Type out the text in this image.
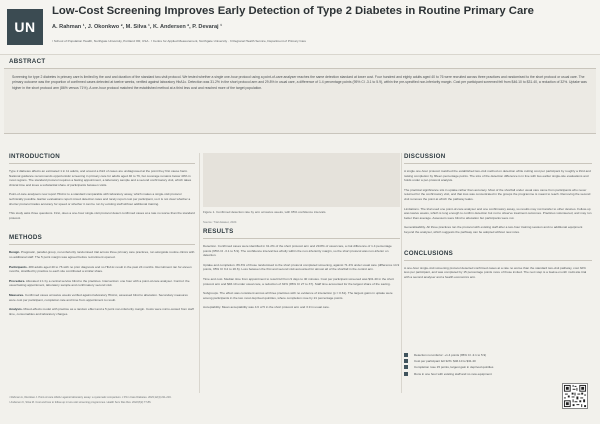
UN
Low-Cost Screening Improves Early Detection of Type 2 Diabetes in Routine Primary Care
A. Rahman ¹, J. Okonkwo ², M. Silva ¹, K. Andersen ², P. Devaraj ¹
¹ School of Population Health, Northgate University, Portland OR, USA · ² Centre for Applied Measurement, Northgate University · 3 Regional Health Service, Department of Primary Care
ABSTRACT
Screening for type 2 diabetes in primary care is limited by the cost and duration of the standard two-visit protocol. We tested whether a single one-hour protocol using a point-of-care analyser reaches the same detection standard at lower cost. Four hundred and eighty adults aged 40 to 76 were recruited across three practices and randomised to the short protocol or usual care. The primary outcome was the proportion of confirmed cases detected at twelve weeks, verified against laboratory HbA1c. Detection was 31.2% in the short protocol arm and 29.8% in usual care, a difference of 1.4 percentage points (95% CI -3.1 to 5.9), within the pre-specified non-inferiority margin. Cost per participant screened fell from $46.10 to $31.40, a reduction of 32%. Uptake was higher in the short protocol arm (86% versus 71%). A one-hour protocol matched the established method at a third less cost and reached more of the target population.
INTRODUCTION
Type 2 diabetes affects an estimated 1 in 11 adults, and around a third of cases are undiagnosed at the point they first cause harm. National guidance recommends opportunistic screening in primary care for adults aged 40 to 76, but coverage remains below 40% in most regions. The standard protocol requires a fasting appointment, a laboratory sample and a second confirmatory visit, which takes clinical time and loses a substantial share of participants between visits.
Point-of-care analysers now report HbA1c to a standard comparable with laboratory assay, which makes a single-visit protocol technically possible. Earlier evaluations report mixed detection rates and rarely report cost per participant, so it is not clear whether a shorter protocol trades accuracy for speed or whether it can be run by existing staff without additional training.
This study asks three questions. First, does a one-hour single-visit protocol detect confirmed cases at a rate no worse than the standard protocol.
METHODS
Design. Pragmatic, parallel-group, non-inferiority randomised trial across three primary care practices, run alongside routine clinics with no additional staff. The 5 point margin was agreed before recruitment opened.
Participants. 480 adults aged 40 to 76 with no prior diagnosis and no HbA1c result in the past 24 months. Recruitment ran for eleven months, stratified by practice to each site contributed a similar share.
Procedure. Allocated 1:1 by a central service blind to the practices. Intervention: one hour with a point-of-care analyser. Control: the usual fasting appointment, laboratory sample and confirmatory second visit.
Measures. Confirmed cases at twelve weeks verified against laboratory HbA1c, assessed blind to allocation. Secondary measures were cost per participant, completion rate and time from appointment to result.
Analysis. Mixed-effects model with practice as a random effect and a 5 point non-inferiority margin. Costs were micro-costed from staff time, consumables and laboratory charges.
Figure 1. Confirmed detection rate by arm at twelve weeks, with 95% confidence intervals.
Source: Trial dataset, 2024
RESULTS
Detection. Confirmed cases were identified in 31.2% of the short protocol arm and 29.8% of usual care, a risk difference of 1.4 percentage points (95% CI -3.1 to 5.9). The confidence interval lies wholly within the non-inferiority margin, so the short protocol was non-inferior on detection.
Uptake and completion. 86.3% of those randomised to the short protocol completed screening, against 71.4% under usual care (difference 14.9 points, 95% CI 9.2 to 20.6). Loss between the first and second visit accounted for almost all of the shortfall in the control arm.
Time and cost. Median time from appointment to result fell from 9 days to 40 minutes. Cost per participant screened was $31.40 in the short protocol arm and $46.10 under usual care, a reduction of 32% (95% CI 27 to 37). Staff time accounted for the largest share of the saving.
Subgroups. The effect was consistent across all three practices with no evidence of interaction (p = 0.61). The largest gains in uptake were among participants in the two most deprived quintiles, where completion rose by 21 percentage points.
Acceptability. Mean acceptability was 4.6 of 5 in the short protocol arm and 3.9 in usual care.
DISCUSSION
A single one-hour protocol matched the established two-visit method on detection while cutting cost per participant by roughly a third and raising completion by fifteen percentage points. The size of the detection difference is in line with two earlier single-site evaluations and holds under a per-protocol analysis.
The practical significance sits in uptake rather than accuracy. Most of the shortfall under usual care came from participants who never returned for the confirmatory visit, and that loss was concentrated in the groups the programme is meant to reach. Removing the second visit removes the point at which the pathway leaks.
Limitations. The trial used one point-of-care analyser and one confirmatory assay, so results may not transfer to other devices. Follow-up was twelve weeks, which is long enough to confirm detection but not to observe treatment outcomes. Practices volunteered, and may run better than average. Assessors were blind to allocation but participants were not.
Generalisability. All three practices ran the protocol with existing staff after a two-hour training session and no additional equipment beyond the analyser, which suggests the pathway can be adopted without new roles.
CONCLUSIONS
A one-hour single-visit screening protocol detected confirmed cases at a rate no worse than the standard two-visit pathway, cost 32% less per participant, and was completed by 15 percentage points more of those invited. The next step is a twelve-month multi-site trial with a second analyser and a health economics arm.
Detection non-inferior: +1.4 points (95% CI -3.1 to 5.9)
Cost per participant fell 32%: $46.10 to $31.40
Completion rose 15 points, largest gain in deprived quintiles
Runs in one hour with existing staff and no new equipment
¹ Rahman A, Okonkwo J. Point-of-care HbA1c against laboratory assay: a systematic comparison. J Prim Care Diabetes. 2023;12(4):211-219.
² Andersen K, Silva M. Cost and loss to follow-up in two-visit screening programmes. Health Serv Res Rev. 2022;8(2):77-86.
